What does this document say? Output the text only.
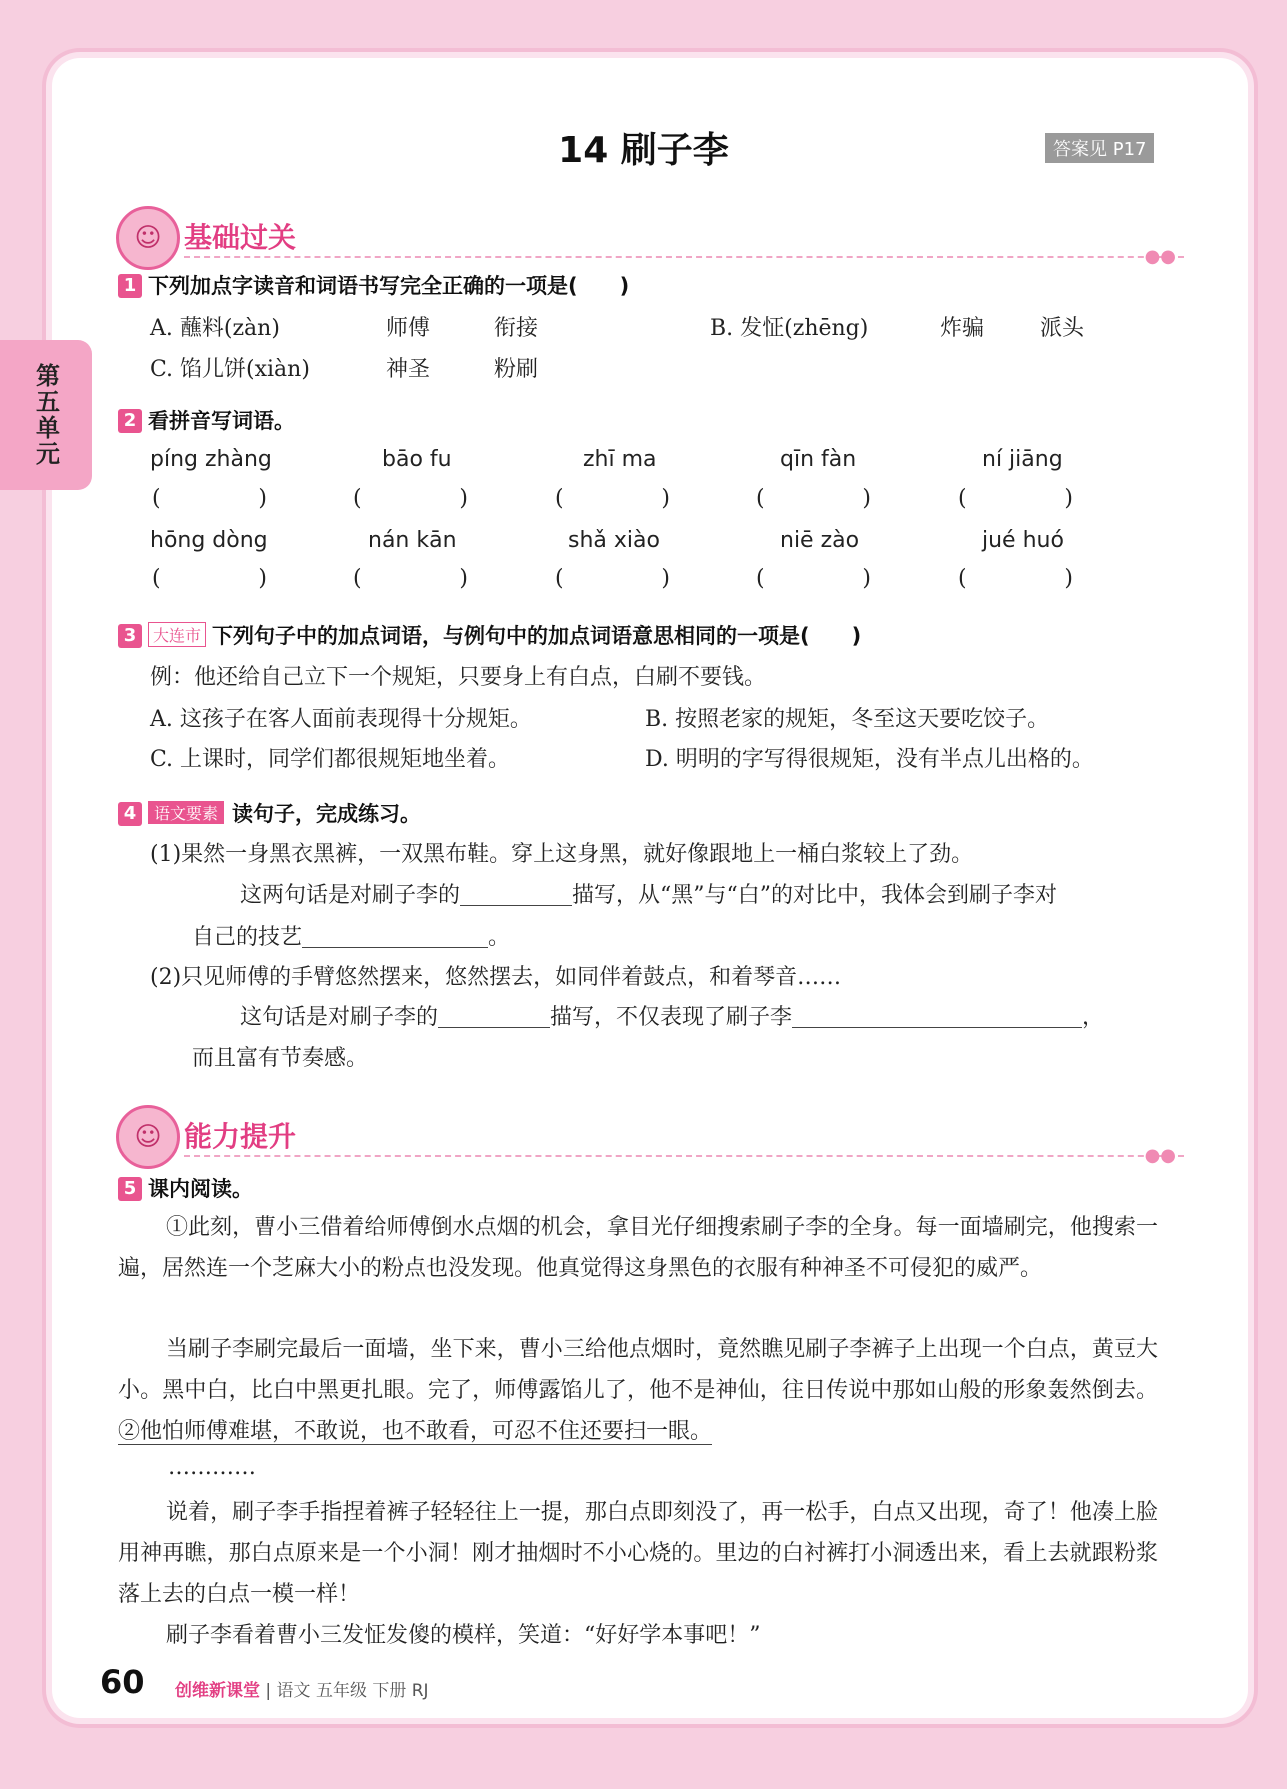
第五单元
14 刷子李	答案见 P17
☺ 基础过关
●●
1 下列加点字读音和词语书写完全正确的一项是(　　)
A. 蘸料(zàn)	师傅	衔接	B. 发怔(zhēng)	炸骗	派头
C. 馅儿饼(xiàn)	神圣	粉刷
2 看拼音写词语。
píng zhàng	bāo fu	zhī ma	qīn fàn	ní jiāng
(	)	(	)	(	)	(	)	(	)
hōng dòng	nán kān	shǎ xiào	niē zào	jué huó
(	)	(	)	(	)	(	)	(	)
3 大连市 下列句子中的加点词语，与例句中的加点词语意思相同的一项是(　　)
例：他还给自己立下一个规矩，只要身上有白点，白刷不要钱。
A. 这孩子在客人面前表现得十分规矩。	B. 按照老家的规矩，冬至这天要吃饺子。
C. 上课时，同学们都很规矩地坐着。	D. 明明的字写得很规矩，没有半点儿出格的。
4 语文要素 读句子，完成练习。
(1)果然一身黑衣黑裤，一双黑布鞋。穿上这身黑，就好像跟地上一桶白浆较上了劲。
这两句话是对刷子李的	描写，从“黑”与“白”的对比中，我体会到刷子李对
自己的技艺	。
(2)只见师傅的手臂悠然摆来，悠然摆去，如同伴着鼓点，和着琴音……
这句话是对刷子李的	描写，不仅表现了刷子李	，
而且富有节奏感。
☺ 能力提升
●●
5 课内阅读。
①此刻，曹小三借着给师傅倒水点烟的机会，拿目光仔细搜索刷子李的全身。每一面墙刷完，他搜索一遍，居然连一个芝麻大小的粉点也没发现。他真觉得这身黑色的衣服有种神圣不可侵犯的威严。
当刷子李刷完最后一面墙，坐下来，曹小三给他点烟时，竟然瞧见刷子李裤子上出现一个白点，黄豆大小。黑中白，比白中黑更扎眼。完了，师傅露馅儿了，他不是神仙，往日传说中那如山般的形象轰然倒去。②他怕师傅难堪，不敢说，也不敢看，可忍不住还要扫一眼。
…………
说着，刷子李手指捏着裤子轻轻往上一提，那白点即刻没了，再一松手，白点又出现，奇了！他凑上脸用神再瞧，那白点原来是一个小洞！刚才抽烟时不小心烧的。里边的白衬裤打小洞透出来，看上去就跟粉浆落上去的白点一模一样！
刷子李看着曹小三发怔发傻的模样，笑道：“好好学本事吧！”
60 创维新课堂 | 语文 五年级 下册 RJ
